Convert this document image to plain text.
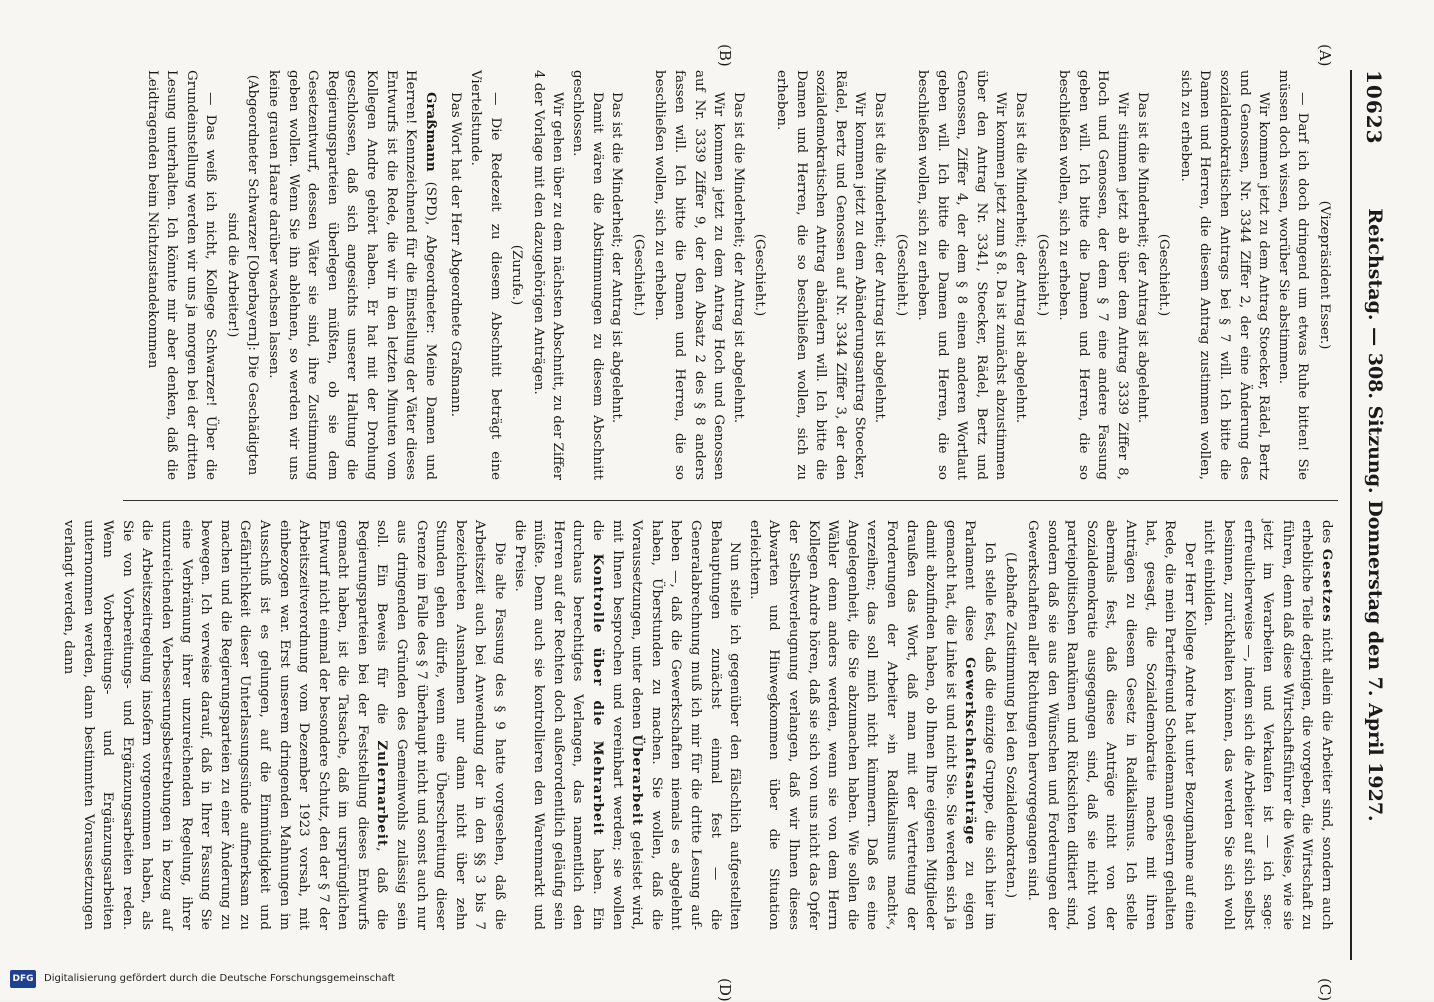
10623
Reichstag. — 308. Sitzung. Donnerstag den 7. April 1927.
(A)
(B)
(C)
(D)

(Vizepräsident Esser.)

— Darf ich doch dringend um etwas Ruhe bitten! Sie müssen doch wissen, worüber Sie abstimmen.

Wir kommen jetzt zu dem Antrag Stoecker, Rädel, Bertz und Genossen, Nr. 3344 Ziffer 2, der eine Änderung des sozialdemokratischen Antrags bei § 7 will. Ich bitte die Damen und Herren, die diesem Antrag zustimmen wollen, sich zu erheben.

(Geschieht.)

Das ist die Minderheit; der Antrag ist abgelehnt.

Wir stimmen jetzt ab über dem Antrag 3339 Ziffer 8, Hoch und Genossen, der dem § 7 eine andere Fassung geben will. Ich bitte die Damen und Herren, die so beschließen wollen, sich zu erheben.

(Geschieht.)

Das ist die Minderheit; der Antrag ist abgelehnt.

Wir kommen jetzt zum § 8. Da ist zunächst abzustimmen über den Antrag Nr. 3341, Stoecker, Rädel, Bertz und Genossen, Ziffer 4, der dem § 8 einen anderen Wortlaut geben will. Ich bitte die Damen und Herren, die so beschließen wollen, sich zu erheben.

(Geschieht.)

Das ist die Minderheit; der Antrag ist abgelehnt.

Wir kommen jetzt zu dem Abänderungsantrag Stoecker, Rädel, Bertz und Genossen auf Nr. 3344 Ziffer 3, der den sozialdemokratischen Antrag abändern will. Ich bitte die Damen und Herren, die so beschließen wollen, sich zu erheben.

(Geschieht.)

Das ist die Minderheit; der Antrag ist abgelehnt.

Wir kommen jetzt zu dem Antrag Hoch und Genossen auf Nr. 3339 Ziffer 9, der den Absatz 2 des § 8 anders fassen will. Ich bitte die Damen und Herren, die so beschließen wollen, sich zu erheben.

(Geschieht.)

Das ist die Minderheit; der Antrag ist abgelehnt.

Damit wären die Abstimmungen zu diesem Abschnitt geschlossen.

Wir gehen über zu dem nächsten Abschnitt, zu der Ziffer 4 der Vorlage mit den dazugehörigen Anträgen.

(Zurufe.)

— Die Redezeit zu diesem Abschnitt beträgt eine Viertelstunde.

Das Wort hat der Herr Abgeordnete Graßmann.

Graßmann (SPD), Abgeordneter: Meine Damen und Herren! Kennzeichnend für die Einstellung der Väter dieses Entwurfs ist die Rede, die wir in den letzten Minuten vom Kollegen Andre gehört haben. Er hat mit der Drohung geschlossen, daß sich angesichts unserer Haltung die Regierungsparteien überlegen müßten, ob sie dem Gesetzentwurf, dessen Väter sie sind, ihre Zustimmung geben wollen. Wenn Sie ihn ablehnen, so werden wir uns keine grauen Haare darüber wachsen lassen.

(Abgeordneter Schwarzer [Oberbayern]: Die Geschädigten sind die Arbeiter!)

— Das weiß ich nicht, Kollege Schwarzer! Über die Grundeinstellung werden wir uns ja morgen bei der dritten Lesung unterhalten. Ich könnte mir aber denken, daß die Leidtragenden beim Nichtzustandekommen

des Gesetzes nicht allein die Arbeiter sind, sondern auch erhebliche Teile derjenigen, die vorgeben, die Wirtschaft zu führen, denn daß diese Wirtschaftsführer die Weise, wie sie jetzt im Verarbeiten und Verkaufen ist — ich sage: erfreulicherweise —, indem sich die Arbeiter auf sich selbst besinnen, zurückhalten können, das werden Sie sich wohl nicht einbilden.

Der Herr Kollege Andre hat unter Bezugnahme auf eine Rede, die mein Parteifreund Scheidemann gestern gehalten hat, gesagt, die Sozialdemokratie mache mit ihren Anträgen zu diesem Gesetz in Radikalismus. Ich stelle abermals fest, daß diese Anträge nicht von der Sozialdemokratie ausgegangen sind, daß sie nicht von parteipolitischen Rankünen und Rücksichten diktiert sind, sondern daß sie aus den Wünschen und Forderungen der Gewerkschaften aller Richtungen hervorgegangen sind.

(Lebhafte Zustimmung bei den Sozialdemokraten.)

Ich stelle fest, daß die einzige Gruppe, die sich hier im Parlament diese Gewerkschaftsanträge zu eigen gemacht hat, die Linke ist und nicht Sie. Sie werden sich ja damit abzufinden haben, ob Ihnen Ihre eigenen Mitglieder draußen das Wort, daß man mit der Vertretung der Forderungen der Arbeiter »in Radikalismus macht«, verzeihen; das soll mich nicht kümmern. Daß es eine Angelegenheit, die Sie abzumachen haben. Wie sollen die Wähler denn anders werden, wenn sie von dem Herrn Kollegen Andre hören, daß sie sich von uns nicht das Opfer der Selbstverleugnung verlangen, daß wir Ihnen dieses Abwarten und Hinwegkommen über die Situation erleichtern.

Nun stelle ich gegenüber den fälschlich aufgestellten Behauptungen zunächst einmal fest — die Generalabrechnung muß ich mir für die dritte Lesung auf-heben —, daß die Gewerkschaften niemals es abgelehnt haben, Überstunden zu machen. Sie wollen, daß die Voraussetzungen, unter denen Überarbeit geleistet wird, mit Ihnen besprochen und vereinbart werden; sie wollen die Kontrolle über die Mehrarbeit haben. Ein durchaus berechtigtes Verlangen, das namentlich den Herren auf der Rechten doch außerordentlich geläufig sein müßte. Denn auch sie kontrollieren den Warenmarkt und die Preise.

Die alte Fassung des § 9 hatte vorgesehen, daß die Arbeitszeit auch bei Anwendung der in den §§ 3 bis 7 bezeichneten Ausnahmen nur dann nicht über zehn Stunden gehen dürfe, wenn eine Überschreitung dieser Grenze im Falle des § 7 überhaupt nicht und sonst auch nur aus dringenden Gründen des Gemeinwohls zulässig sein soll. Ein Beweis für die Zulernarbeit, daß die Regierungsparteien bei der Feststellung dieses Entwurfs gemacht haben, ist die Tatsache, daß im ursprünglichen Entwurf nicht einmal der besondere Schutz, den der § 7 der Arbeitszeitverordnung vom Dezember 1923 vorsah, mit einbezogen war. Erst unserem dringenden Mahnungen im Ausschuß ist es gelungen, auf die Einmündigkeit und Gefährlichkeit dieser Unterlassungssünde aufmerksam zu machen und die Regierungsparteien zu einer Änderung zu bewegen. Ich verweise darauf, daß in Ihrer Fassung Sie eine Verbrämung ihrer unzureichenden Regelung, ihrer unzureichenden Verbesserungsbestrebungen in bezug auf die Arbeitszeitregelung insofern vorgenommen haben, als Sie von Vorbereitungs- und Ergänzungsarbeiten reden. Wenn Vorbereitungs- und Ergänzungsarbeiten unternommen werden, dann bestimmten Voraussetzungen verlangt werden, dann

DFG Digitalisierung gefördert durch die Deutsche Forschungsgemeinschaft
